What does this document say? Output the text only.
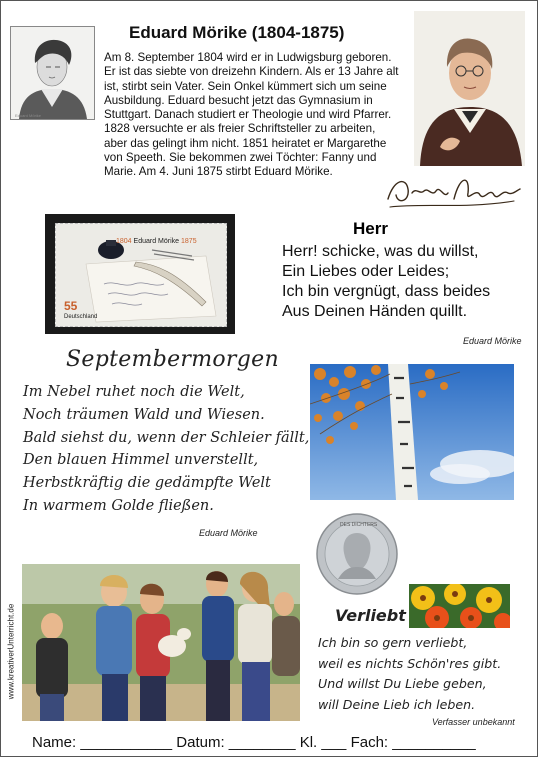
Eduard Mörike (1804-1875)
Eduard Mörike
Am 8. September 1804 wird er in Ludwigsburg geboren.
Er ist das siebte von dreizehn Kindern. Als er 13 Jahre alt
ist, stirbt sein Vater. Sein Onkel kümmert sich um seine
Ausbildung. Eduard besucht jetzt das Gymnasium in
Stuttgart. Danach studiert er Theologie und wird Pfarrer.
1828 versuchte er als freier Schriftsteller zu arbeiten,
aber das gelingt ihm nicht. 1851 heiratet er Margarethe
von Speeth. Sie bekommen zwei Töchter: Fanny und
Marie. Am 4. Juni 1875 stirbt Eduard Mörike.
1804 Eduard Mörike 1875
55
Deutschland
Herr
Herr! schicke, was du willst,
Ein Liebes oder Leides;
Ich bin vergnügt, dass beides
Aus Deinen Händen quillt.
Eduard Mörike
Septembermorgen
Im Nebel ruhet noch die Welt,
Noch träumen Wald und Wiesen.
Bald siehst du, wenn der Schleier fällt,
Den blauen Himmel unverstellt,
Herbstkräftig die gedämpfte Welt
In warmem Golde fließen.
Eduard Mörike
DES DICHTERS
www.kreativerUnterricht.de	Verliebt
Ich bin so gern verliebt,
weil es nichts Schön'res gibt.
Und willst Du Liebe geben,
will Deine Lieb ich leben.
Verfasser unbekannt
Name: ___________ Datum: ________ Kl. ___ Fach: __________
